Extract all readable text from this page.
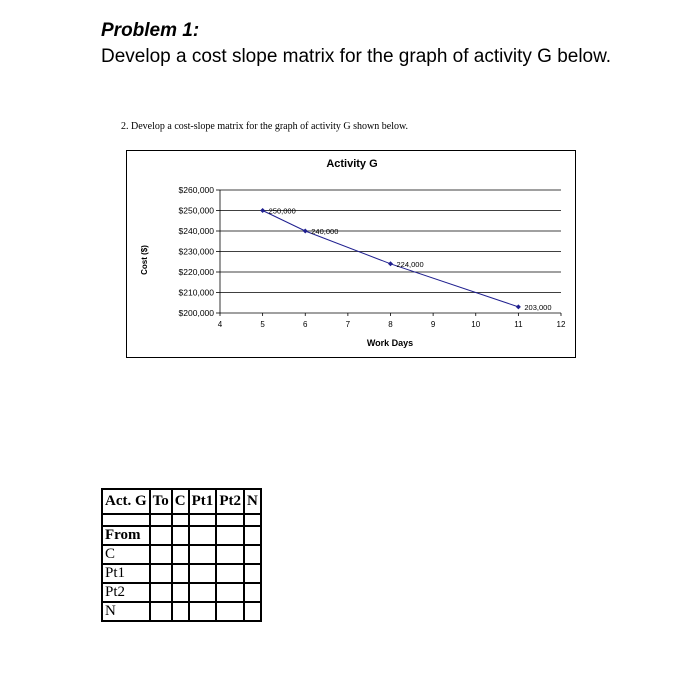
Problem 1:
Develop a cost slope matrix for the graph of activity G below.
2. Develop a cost-slope matrix for the graph of activity G shown below.
Activity G
Cost ($)
Work Days
$260,000
$250,000
$240,000
$230,000
$220,000
$210,000
$200,000
4	5	6	7	8	9	10	11	12
250,000
240,000
224,000
203,000
Act. G	To	C	Pt1	Pt2	N

From					
C					
Pt1					
Pt2					
N					
